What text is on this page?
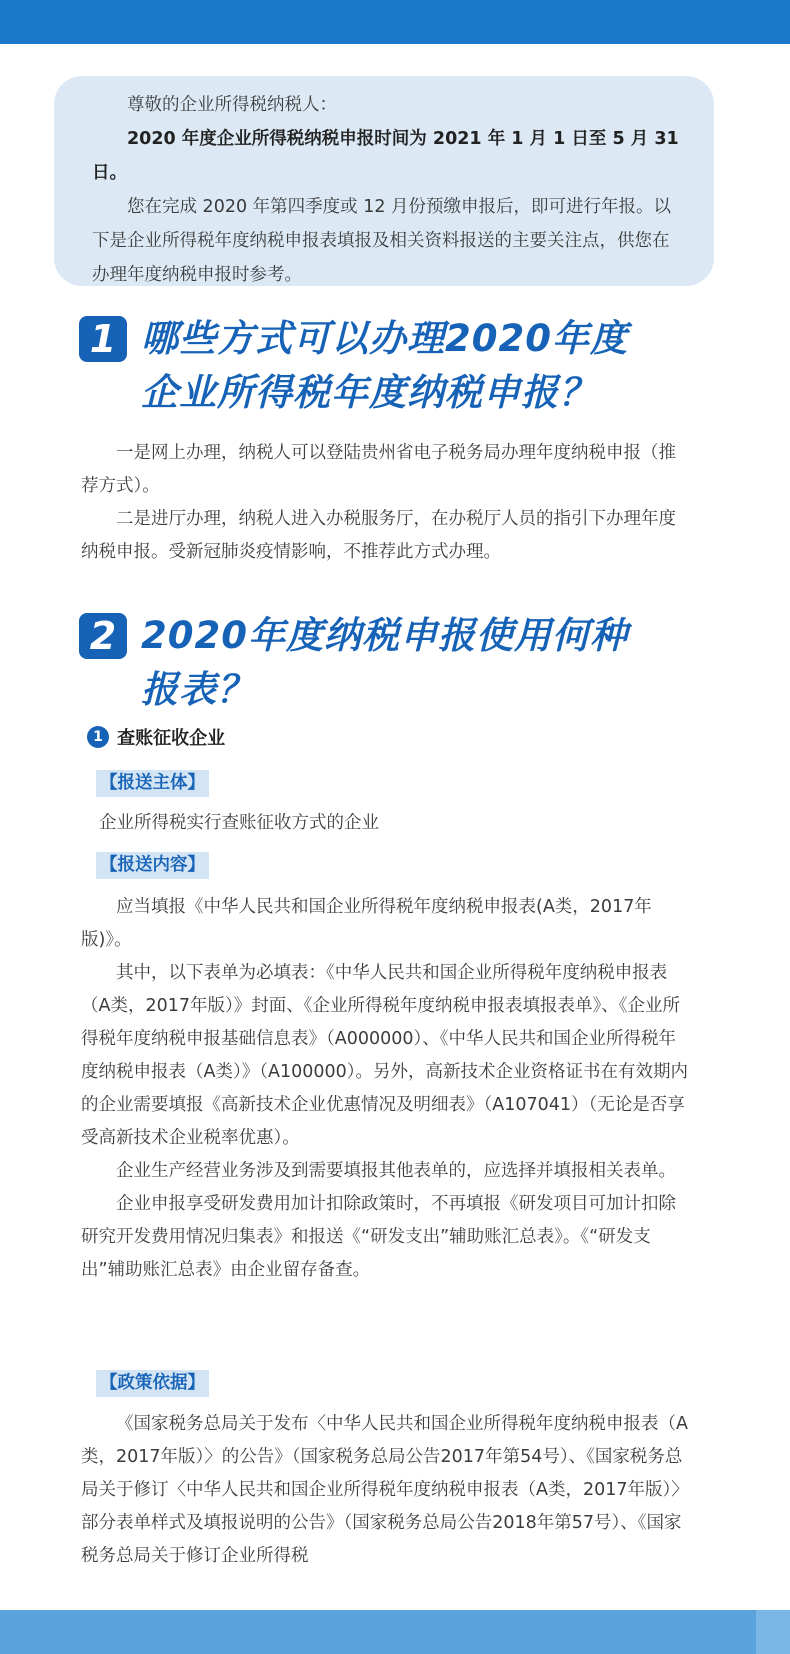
尊敬的企业所得税纳税人：

2020 年度企业所得税纳税申报时间为 2021 年 1 月 1 日至 5 月 31 日。

您在完成 2020 年第四季度或 12 月份预缴申报后，即可进行年报。以下是企业所得税年度纳税申报表填报及相关资料报送的主要关注点，供您在办理年度纳税申报时参考。

1 哪些方式可以办理2020年度
企业所得税年度纳税申报？

一是网上办理，纳税人可以登陆贵州省电子税务局办理年度纳税申报（推荐方式）。

二是进厅办理，纳税人进入办税服务厅，在办税厅人员的指引下办理年度纳税申报。受新冠肺炎疫情影响，不推荐此方式办理。

2 2020年度纳税申报使用何种
报表？
1 查账征收企业
【报送主体】
企业所得税实行查账征收方式的企业
【报送内容】

应当填报《中华人民共和国企业所得税年度纳税申报表(A类，2017年版)》。

其中，以下表单为必填表：《中华人民共和国企业所得税年度纳税申报表（A类，2017年版）》封面、《企业所得税年度纳税申报表填报表单》、《企业所得税年度纳税申报基础信息表》（A000000）、《中华人民共和国企业所得税年度纳税申报表（A类）》（A100000）。另外，高新技术企业资格证书在有效期内的企业需要填报《高新技术企业优惠情况及明细表》（A107041）（无论是否享受高新技术企业税率优惠）。

企业生产经营业务涉及到需要填报其他表单的，应选择并填报相关表单。

企业申报享受研发费用加计扣除政策时，不再填报《研发项目可加计扣除研究开发费用情况归集表》和报送《“研发支出”辅助账汇总表》。《“研发支出”辅助账汇总表》由企业留存备查。

【政策依据】

《国家税务总局关于发布〈中华人民共和国企业所得税年度纳税申报表（A类，2017年版）〉的公告》（国家税务总局公告2017年第54号）、《国家税务总局关于修订〈中华人民共和国企业所得税年度纳税申报表（A类，2017年版）〉部分表单样式及填报说明的公告》（国家税务总局公告2018年第57号）、《国家税务总局关于修订企业所得税
